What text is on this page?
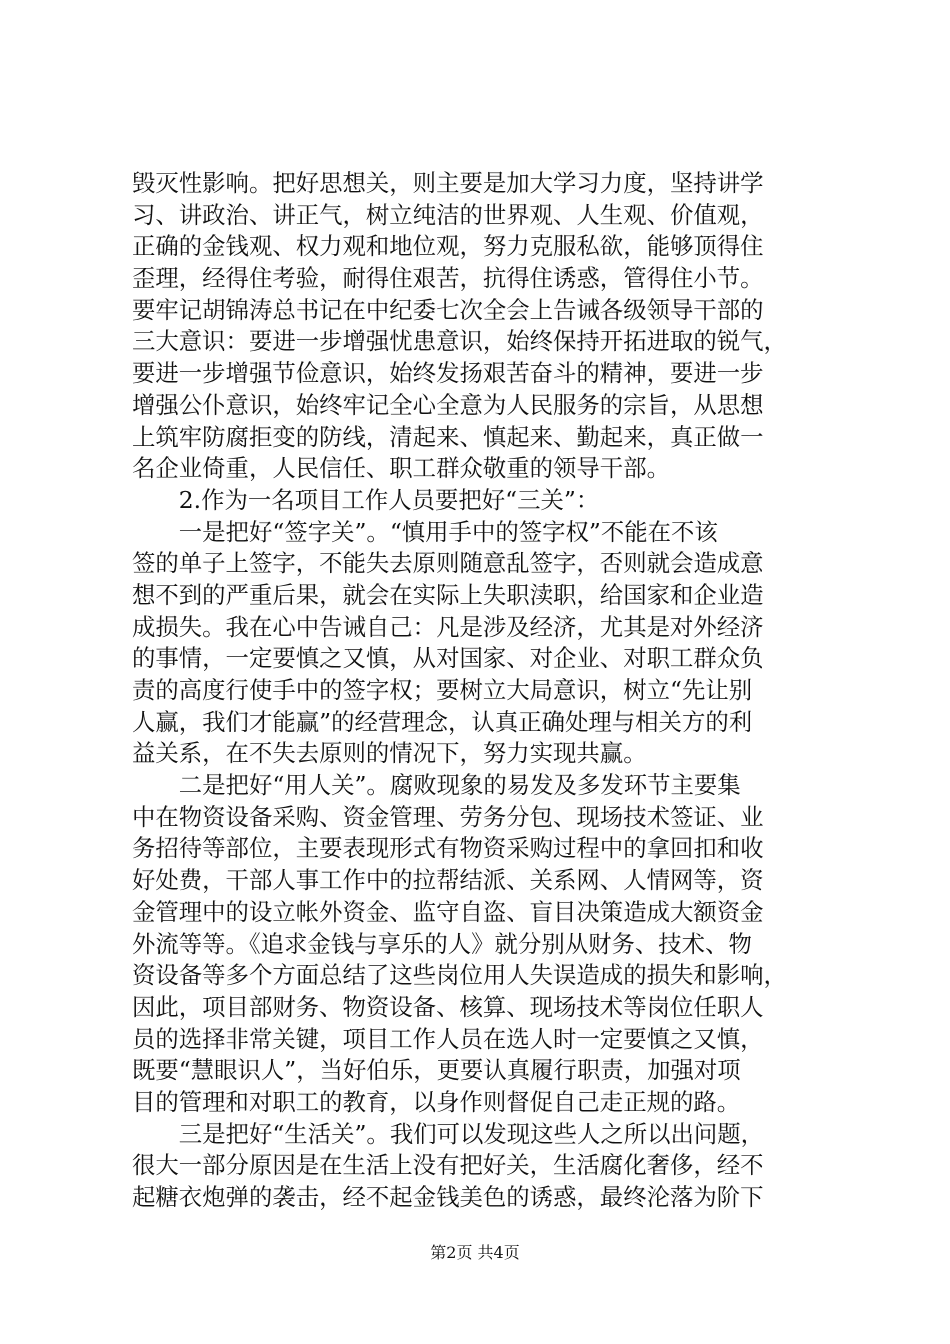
毁灭性影响。把好思想关，则主要是加大学习力度，坚持讲学
习、讲政治、讲正气，树立纯洁的世界观、人生观、价值观，
正确的金钱观、权力观和地位观，努力克服私欲，能够顶得住
歪理，经得住考验，耐得住艰苦，抗得住诱惑，管得住小节。
要牢记胡锦涛总书记在中纪委七次全会上告诫各级领导干部的
三大意识：要进一步增强忧患意识，始终保持开拓进取的锐气，
要进一步增强节俭意识，始终发扬艰苦奋斗的精神，要进一步
增强公仆意识，始终牢记全心全意为人民服务的宗旨，从思想
上筑牢防腐拒变的防线，清起来、慎起来、勤起来，真正做一
名企业倚重，人民信任、职工群众敬重的领导干部。
　　2.作为一名项目工作人员要把好“三关”：
　　一是把好“签字关”。“慎用手中的签字权”不能在不该
签的单子上签字，不能失去原则随意乱签字，否则就会造成意
想不到的严重后果，就会在实际上失职渎职，给国家和企业造
成损失。我在心中告诫自己：凡是涉及经济，尤其是对外经济
的事情，一定要慎之又慎，从对国家、对企业、对职工群众负
责的高度行使手中的签字权；要树立大局意识，树立“先让别
人赢，我们才能赢”的经营理念，认真正确处理与相关方的利
益关系，在不失去原则的情况下，努力实现共赢。
　　二是把好“用人关”。腐败现象的易发及多发环节主要集
中在物资设备采购、资金管理、劳务分包、现场技术签证、业
务招待等部位，主要表现形式有物资采购过程中的拿回扣和收
好处费，干部人事工作中的拉帮结派、关系网、人情网等，资
金管理中的设立帐外资金、监守自盗、盲目决策造成大额资金
外流等等。《追求金钱与享乐的人》就分别从财务、技术、物
资设备等多个方面总结了这些岗位用人失误造成的损失和影响，
因此，项目部财务、物资设备、核算、现场技术等岗位任职人
员的选择非常关键，项目工作人员在选人时一定要慎之又慎，
既要“慧眼识人”，当好伯乐，更要认真履行职责，加强对项
目的管理和对职工的教育，以身作则督促自己走正规的路。
　　三是把好“生活关”。我们可以发现这些人之所以出问题，
很大一部分原因是在生活上没有把好关，生活腐化奢侈，经不
起糖衣炮弹的袭击，经不起金钱美色的诱惑，最终沦落为阶下
第2页 共4页
